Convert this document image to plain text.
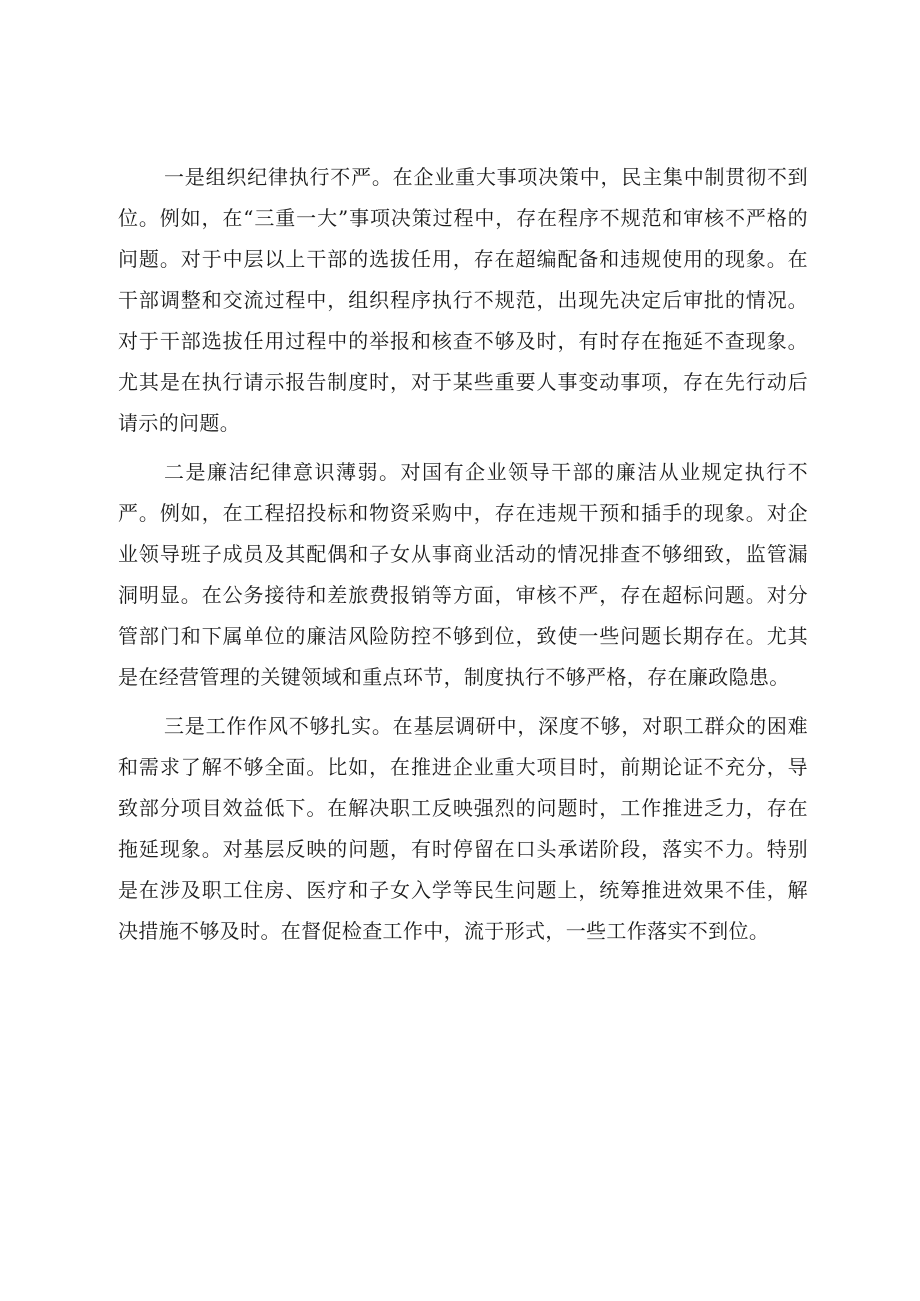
一是组织纪律执行不严。在企业重大事项决策中，民主集中制贯彻不到位。例如，在“三重一大”事项决策过程中，存在程序不规范和审核不严格的问题。对于中层以上干部的选拔任用，存在超编配备和违规使用的现象。在干部调整和交流过程中，组织程序执行不规范，出现先决定后审批的情况。对于干部选拔任用过程中的举报和核查不够及时，有时存在拖延不查现象。尤其是在执行请示报告制度时，对于某些重要人事变动事项，存在先行动后请示的问题。

二是廉洁纪律意识薄弱。对国有企业领导干部的廉洁从业规定执行不严。例如，在工程招投标和物资采购中，存在违规干预和插手的现象。对企业领导班子成员及其配偶和子女从事商业活动的情况排查不够细致，监管漏洞明显。在公务接待和差旅费报销等方面，审核不严，存在超标问题。对分管部门和下属单位的廉洁风险防控不够到位，致使一些问题长期存在。尤其是在经营管理的关键领域和重点环节，制度执行不够严格，存在廉政隐患。

三是工作作风不够扎实。在基层调研中，深度不够，对职工群众的困难和需求了解不够全面。比如，在推进企业重大项目时，前期论证不充分，导致部分项目效益低下。在解决职工反映强烈的问题时，工作推进乏力，存在拖延现象。对基层反映的问题，有时停留在口头承诺阶段，落实不力。特别是在涉及职工住房、医疗和子女入学等民生问题上，统筹推进效果不佳，解决措施不够及时。在督促检查工作中，流于形式，一些工作落实不到位。
